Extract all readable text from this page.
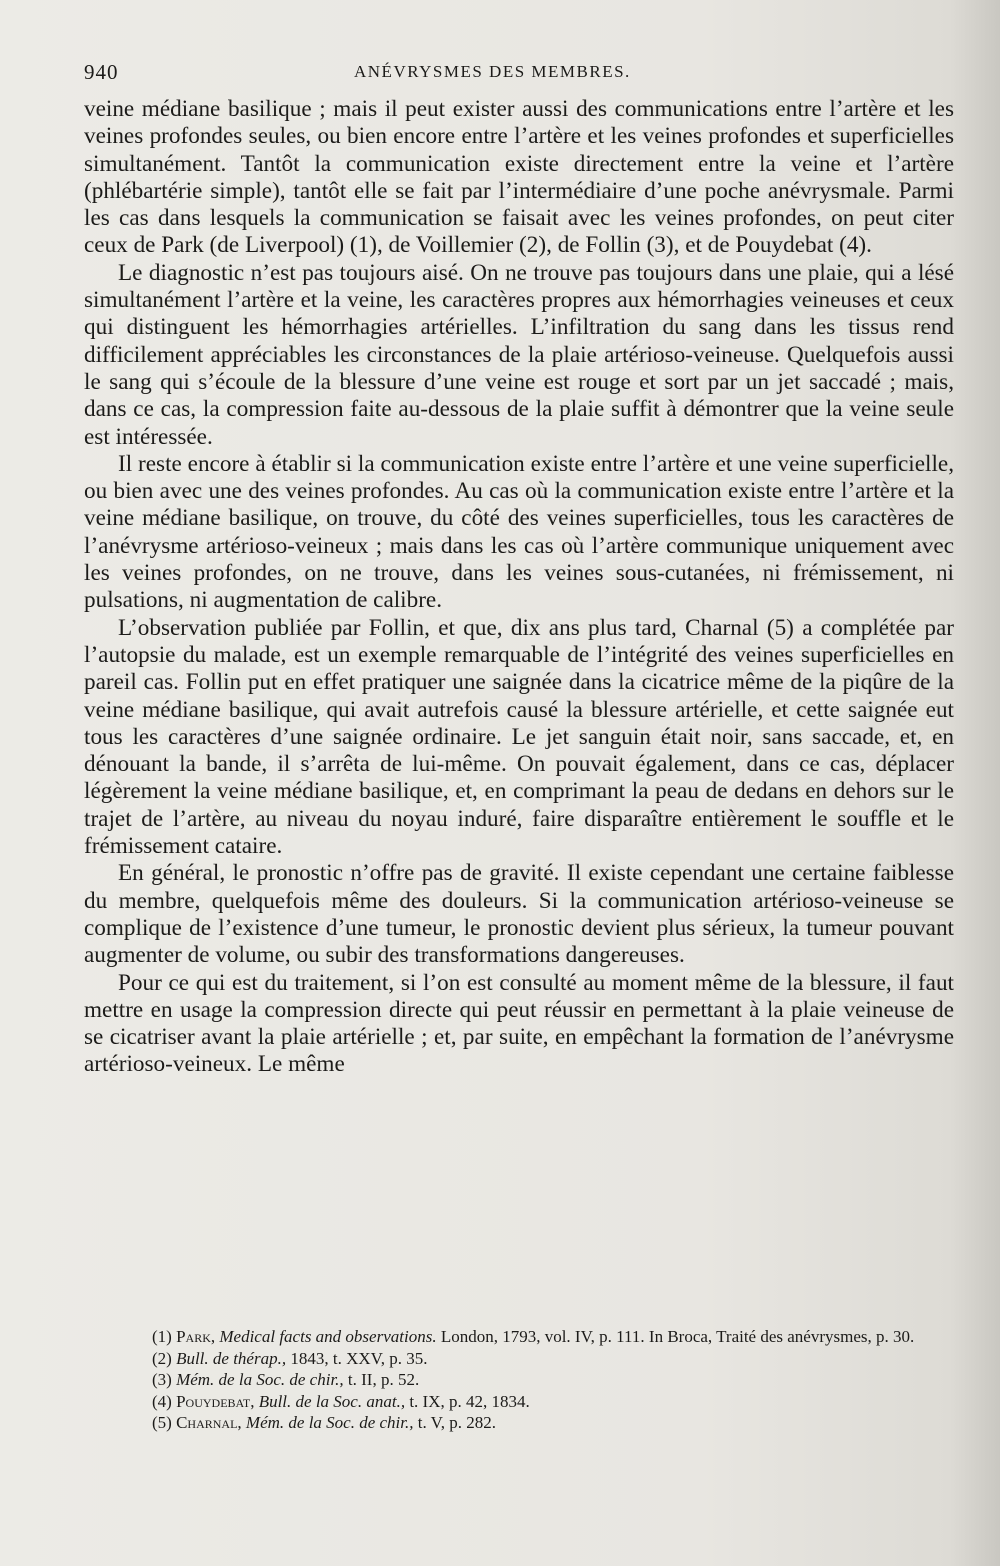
940	ANÉVRYSMES DES MEMBRES.

veine médiane basilique ; mais il peut exister aussi des communications entre l’artère et les veines profondes seules, ou bien encore entre l’artère et les veines profondes et superficielles simultanément. Tantôt la communication existe directement entre la veine et l’artère (phlébartérie simple), tantôt elle se fait par l’intermédiaire d’une poche anévrysmale. Parmi les cas dans lesquels la communication se faisait avec les veines profondes, on peut citer ceux de Park (de Liverpool) (1), de Voillemier (2), de Follin (3), et de Pouydebat (4).

Le diagnostic n’est pas toujours aisé. On ne trouve pas toujours dans une plaie, qui a lésé simultanément l’artère et la veine, les caractères propres aux hémorrhagies veineuses et ceux qui distinguent les hémorrhagies artérielles. L’infiltration du sang dans les tissus rend difficilement appréciables les circonstances de la plaie artérioso-veineuse. Quelquefois aussi le sang qui s’écoule de la blessure d’une veine est rouge et sort par un jet saccadé ; mais, dans ce cas, la compression faite au-dessous de la plaie suffit à démontrer que la veine seule est intéressée.

Il reste encore à établir si la communication existe entre l’artère et une veine superficielle, ou bien avec une des veines profondes. Au cas où la communication existe entre l’artère et la veine médiane basilique, on trouve, du côté des veines superficielles, tous les caractères de l’anévrysme artérioso-veineux ; mais dans les cas où l’artère communique uniquement avec les veines profondes, on ne trouve, dans les veines sous-cutanées, ni frémissement, ni pulsations, ni augmentation de calibre.

L’observation publiée par Follin, et que, dix ans plus tard, Charnal (5) a complétée par l’autopsie du malade, est un exemple remarquable de l’intégrité des veines superficielles en pareil cas. Follin put en effet pratiquer une saignée dans la cicatrice même de la piqûre de la veine médiane basilique, qui avait autrefois causé la blessure artérielle, et cette saignée eut tous les caractères d’une saignée ordinaire. Le jet sanguin était noir, sans saccade, et, en dénouant la bande, il s’arrêta de lui-même. On pouvait également, dans ce cas, déplacer légèrement la veine médiane basilique, et, en comprimant la peau de dedans en dehors sur le trajet de l’artère, au niveau du noyau induré, faire disparaître entièrement le souffle et le frémissement cataire.

En général, le pronostic n’offre pas de gravité. Il existe cependant une certaine faiblesse du membre, quelquefois même des douleurs. Si la communication artérioso-veineuse se complique de l’existence d’une tumeur, le pronostic devient plus sérieux, la tumeur pouvant augmenter de volume, ou subir des transformations dangereuses.

Pour ce qui est du traitement, si l’on est consulté au moment même de la blessure, il faut mettre en usage la compression directe qui peut réussir en permettant à la plaie veineuse de se cicatriser avant la plaie artérielle ; et, par suite, en empêchant la formation de l’anévrysme artérioso-veineux. Le même

(1) Park, Medical facts and observations. London, 1793, vol. IV, p. 111. In Broca, Traité des anévrysmes, p. 30.

(2) Bull. de thérap., 1843, t. XXV, p. 35.

(3) Mém. de la Soc. de chir., t. II, p. 52.

(4) Pouydebat, Bull. de la Soc. anat., t. IX, p. 42, 1834.

(5) Charnal, Mém. de la Soc. de chir., t. V, p. 282.
